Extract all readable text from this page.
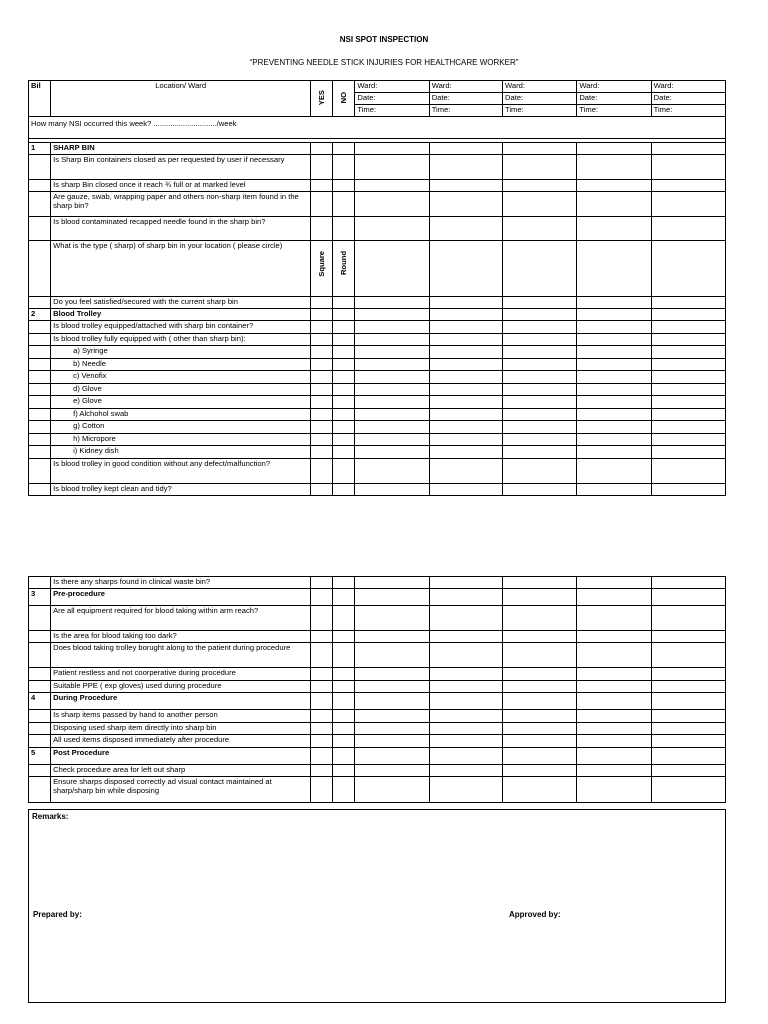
NSI SPOT INSPECTION
“PREVENTING NEEDLE STICK INJURIES FOR HEALTHCARE WORKER”
Bil	Location/ Ward	YES	NO	Ward:	Ward:	Ward:	Ward:	Ward:
				Date:	Date:	Date:	Date:	Date:
				Time:	Time:	Time:	Time:	Time:
How many NSI occurred this week? ............................../week								

1	SHARP BIN							
	Is Sharp Bin containers closed as per requested by user if necessary							
	Is sharp Bin closed once it reach ¾ full or at marked level							
	Are gauze, swab, wrapping paper and others non-sharp item found in the sharp bin?							
	Is blood contaminated recapped needle found in the sharp bin?							
	What is the type ( sharp) of sharp bin in your location ( please circle)	Square	Round					
	Do you feel satisfied/secured with the current sharp bin							
2	Blood Trolley							
	Is blood trolley equipped/attached with sharp bin container?							
	Is blood trolley fully equipped with ( other than sharp bin):							
	a) Syringe							
	b) Needle							
	c) Venofix							
	d) Glove							
	e) Glove							
	f) Alchohol swab							
	g) Cotton							
	h) Micropore							
	i) Kidney dish							
	Is blood trolley in good condition without any defect/malfunction?							
	Is blood trolley kept clean and tidy?							
	Is there any sharps found in clinical waste bin?							
3	Pre-procedure							
	Are all equipment required for blood taking within arm reach?							
	Is the area for blood taking too dark?							
	Does blood taking trolley borught along to the patient during procedure							
	Patient restless and not coorperative during procedure							
	Suitable PPE ( exp gloves) used during procedure							
4	During Procedure							
	Is sharp items passed by hand to another person							
	Disposing used sharp item directly into sharp bin							
	All used items disposed immediately after procedure							
5	Post Procedure							
	Check procedure area for left out sharp							
	Ensure sharps disposed correctly ad visual contact maintained at sharp/sharp bin while disposing							
Remarks:
Prepared by:	Approved by:
